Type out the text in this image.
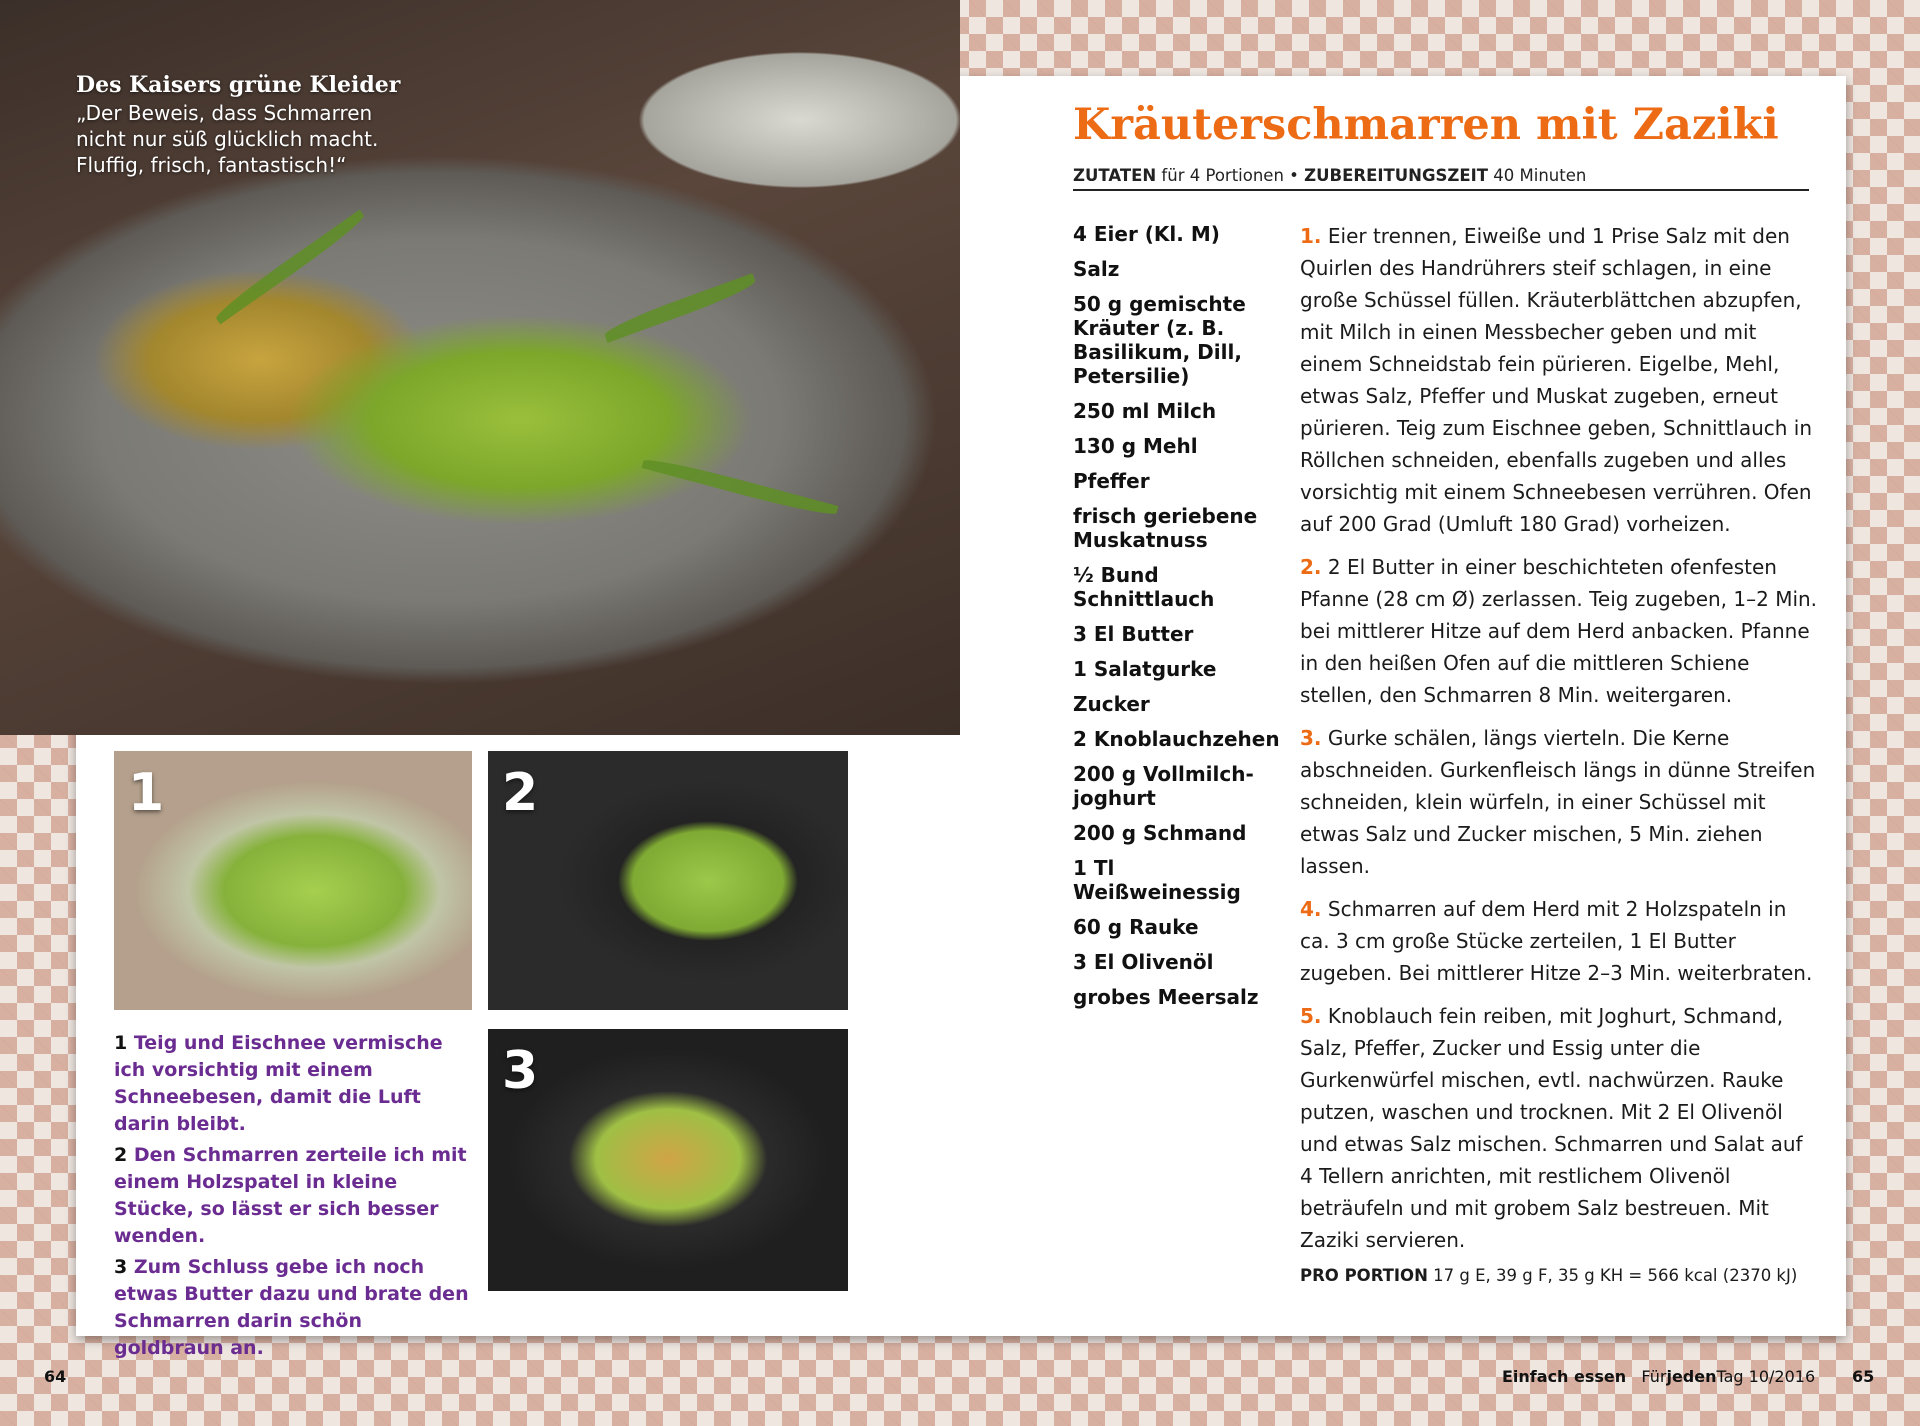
Des Kaisers grüne Kleider
„Der Beweis, dass Schmarren
nicht nur süß glücklich macht.
Fluffig, frisch, fantastisch!“
1	2
3

1 Teig und Eischnee vermische ich vorsichtig mit einem Schneebesen, damit die Luft darin bleibt.

2 Den Schmarren zerteile ich mit einem Holzspatel in kleine Stücke, so lässt er sich besser wenden.

3 Zum Schluss gebe ich noch etwas Butter dazu und brate den Schmarren darin schön goldbraun an.

Kräuterschmarren mit Zaziki
ZUTATEN für 4 Portionen • ZUBEREITUNGSZEIT 40 Minuten
4 Eier (Kl. M)
Salz
50 g gemischte Kräuter (z. B. Basilikum, Dill, Petersilie)
250 ml Milch
130 g Mehl
Pfeffer
frisch geriebene Muskatnuss
½ Bund Schnittlauch
3 El Butter
1 Salatgurke
Zucker
2 Knoblauchzehen
200 g Vollmilch-joghurt
200 g Schmand
1 Tl Weißweinessig
60 g Rauke
3 El Olivenöl
grobes Meersalz

1. Eier trennen, Eiweiße und 1 Prise Salz mit den Quirlen des Handrührers steif schlagen, in eine große Schüssel füllen. Kräuterblättchen abzupfen, mit Milch in einen Messbecher geben und mit einem Schneidstab fein pürieren. Eigelbe, Mehl, etwas Salz, Pfeffer und Muskat zugeben, erneut pürieren. Teig zum Eischnee geben, Schnittlauch in Röllchen schneiden, ebenfalls zugeben und alles vorsichtig mit einem Schneebesen verrühren. Ofen auf 200 Grad (Umluft 180 Grad) vorheizen.

2. 2 El Butter in einer beschichteten ofenfesten Pfanne (28 cm Ø) zerlassen. Teig zugeben, 1–2 Min. bei mittlerer Hitze auf dem Herd anbacken. Pfanne in den heißen Ofen auf die mittleren Schiene stellen, den Schmarren 8 Min. weitergaren.

3. Gurke schälen, längs vierteln. Die Kerne abschneiden. Gurkenfleisch längs in dünne Streifen schneiden, klein würfeln, in einer Schüssel mit etwas Salz und Zucker mischen, 5 Min. ziehen lassen.

4. Schmarren auf dem Herd mit 2 Holzspateln in ca. 3 cm große Stücke zerteilen, 1 El Butter zugeben. Bei mittlerer Hitze 2–3 Min. weiterbraten.

5. Knoblauch fein reiben, mit Joghurt, Schmand, Salz, Pfeffer, Zucker und Essig unter die Gurkenwürfel mischen, evtl. nachwürzen. Rauke putzen, waschen und trocknen. Mit 2 El Olivenöl und etwas Salz mischen. Schmarren und Salat auf 4 Tellern anrichten, mit restlichem Olivenöl beträufeln und mit grobem Salz bestreuen. Mit Zaziki servieren.

PRO PORTION 17 g E, 39 g F, 35 g KH = 566 kcal (2370 kJ)
64	Einfach essen FürjedenTag 10/2016 65
